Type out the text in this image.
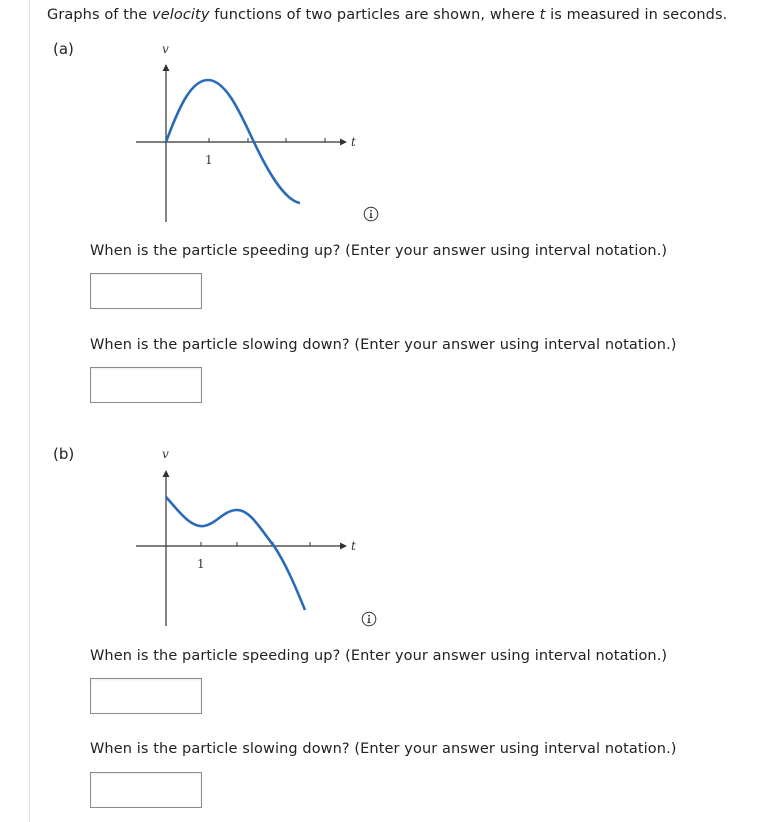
Graphs of the velocity functions of two particles are shown, where t is measured in seconds.
(a)	v
t
1
When is the particle speeding up? (Enter your answer using interval notation.)
When is the particle slowing down? (Enter your answer using interval notation.)
(b)	v
t
1
When is the particle speeding up? (Enter your answer using interval notation.)
When is the particle slowing down? (Enter your answer using interval notation.)
